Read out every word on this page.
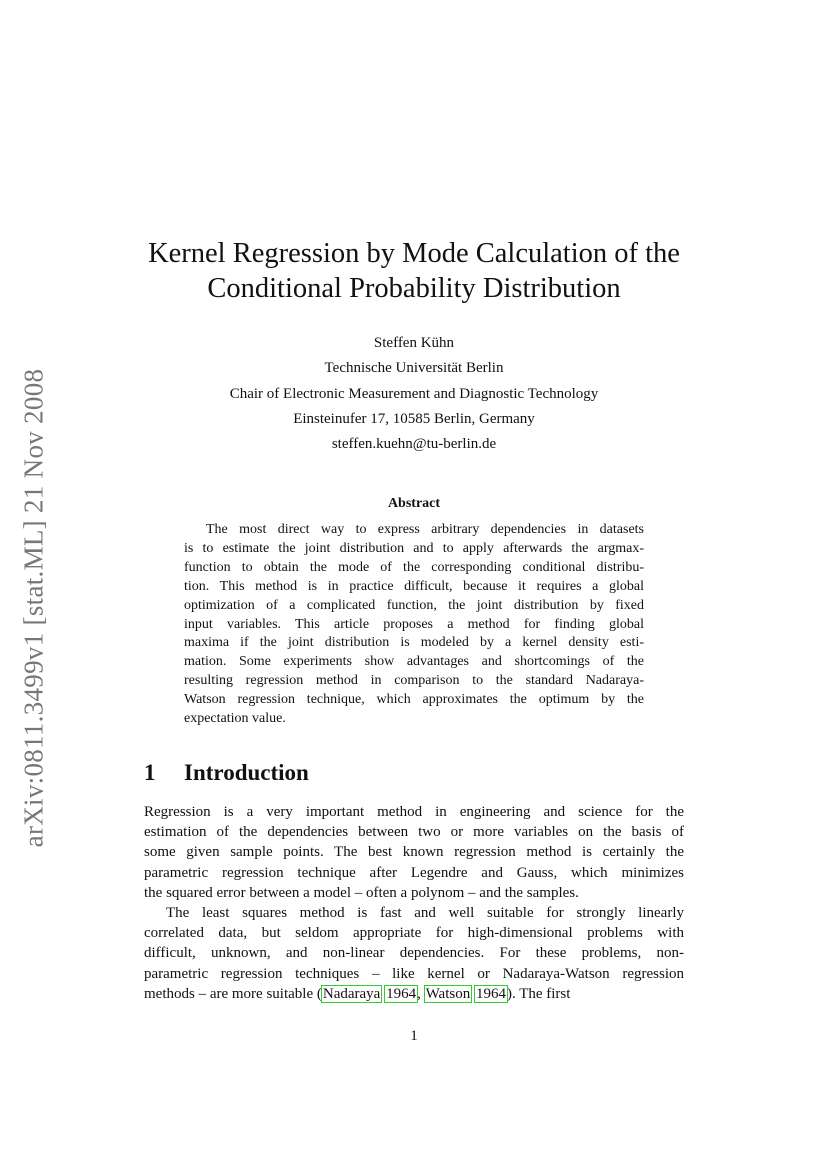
arXiv:0811.3499v1 [stat.ML] 21 Nov 2008
Kernel Regression by Mode Calculation of the
Conditional Probability Distribution
Steffen Kühn
Technische Universität Berlin
Chair of Electronic Measurement and Diagnostic Technology
Einsteinufer 17, 10585 Berlin, Germany
steffen.kuehn@tu-berlin.de
Abstract
The most direct way to express arbitrary dependencies in datasets
is to estimate the joint distribution and to apply afterwards the argmax-
function to obtain the mode of the corresponding conditional distribu-
tion. This method is in practice difficult, because it requires a global
optimization of a complicated function, the joint distribution by fixed
input variables. This article proposes a method for finding global
maxima if the joint distribution is modeled by a kernel density esti-
mation. Some experiments show advantages and shortcomings of the
resulting regression method in comparison to the standard Nadaraya-
Watson regression technique, which approximates the optimum by the
expectation value.
1 Introduction
Regression is a very important method in engineering and science for the
estimation of the dependencies between two or more variables on the basis of
some given sample points. The best known regression method is certainly the
parametric regression technique after Legendre and Gauss, which minimizes
the squared error between a model – often a polynom – and the samples.
The least squares method is fast and well suitable for strongly linearly
correlated data, but seldom appropriate for high-dimensional problems with
difficult, unknown, and non-linear dependencies. For these problems, non-
parametric regression techniques – like kernel or Nadaraya-Watson regression
methods – are more suitable (Nadaraya 1964, Watson 1964). The first
1
